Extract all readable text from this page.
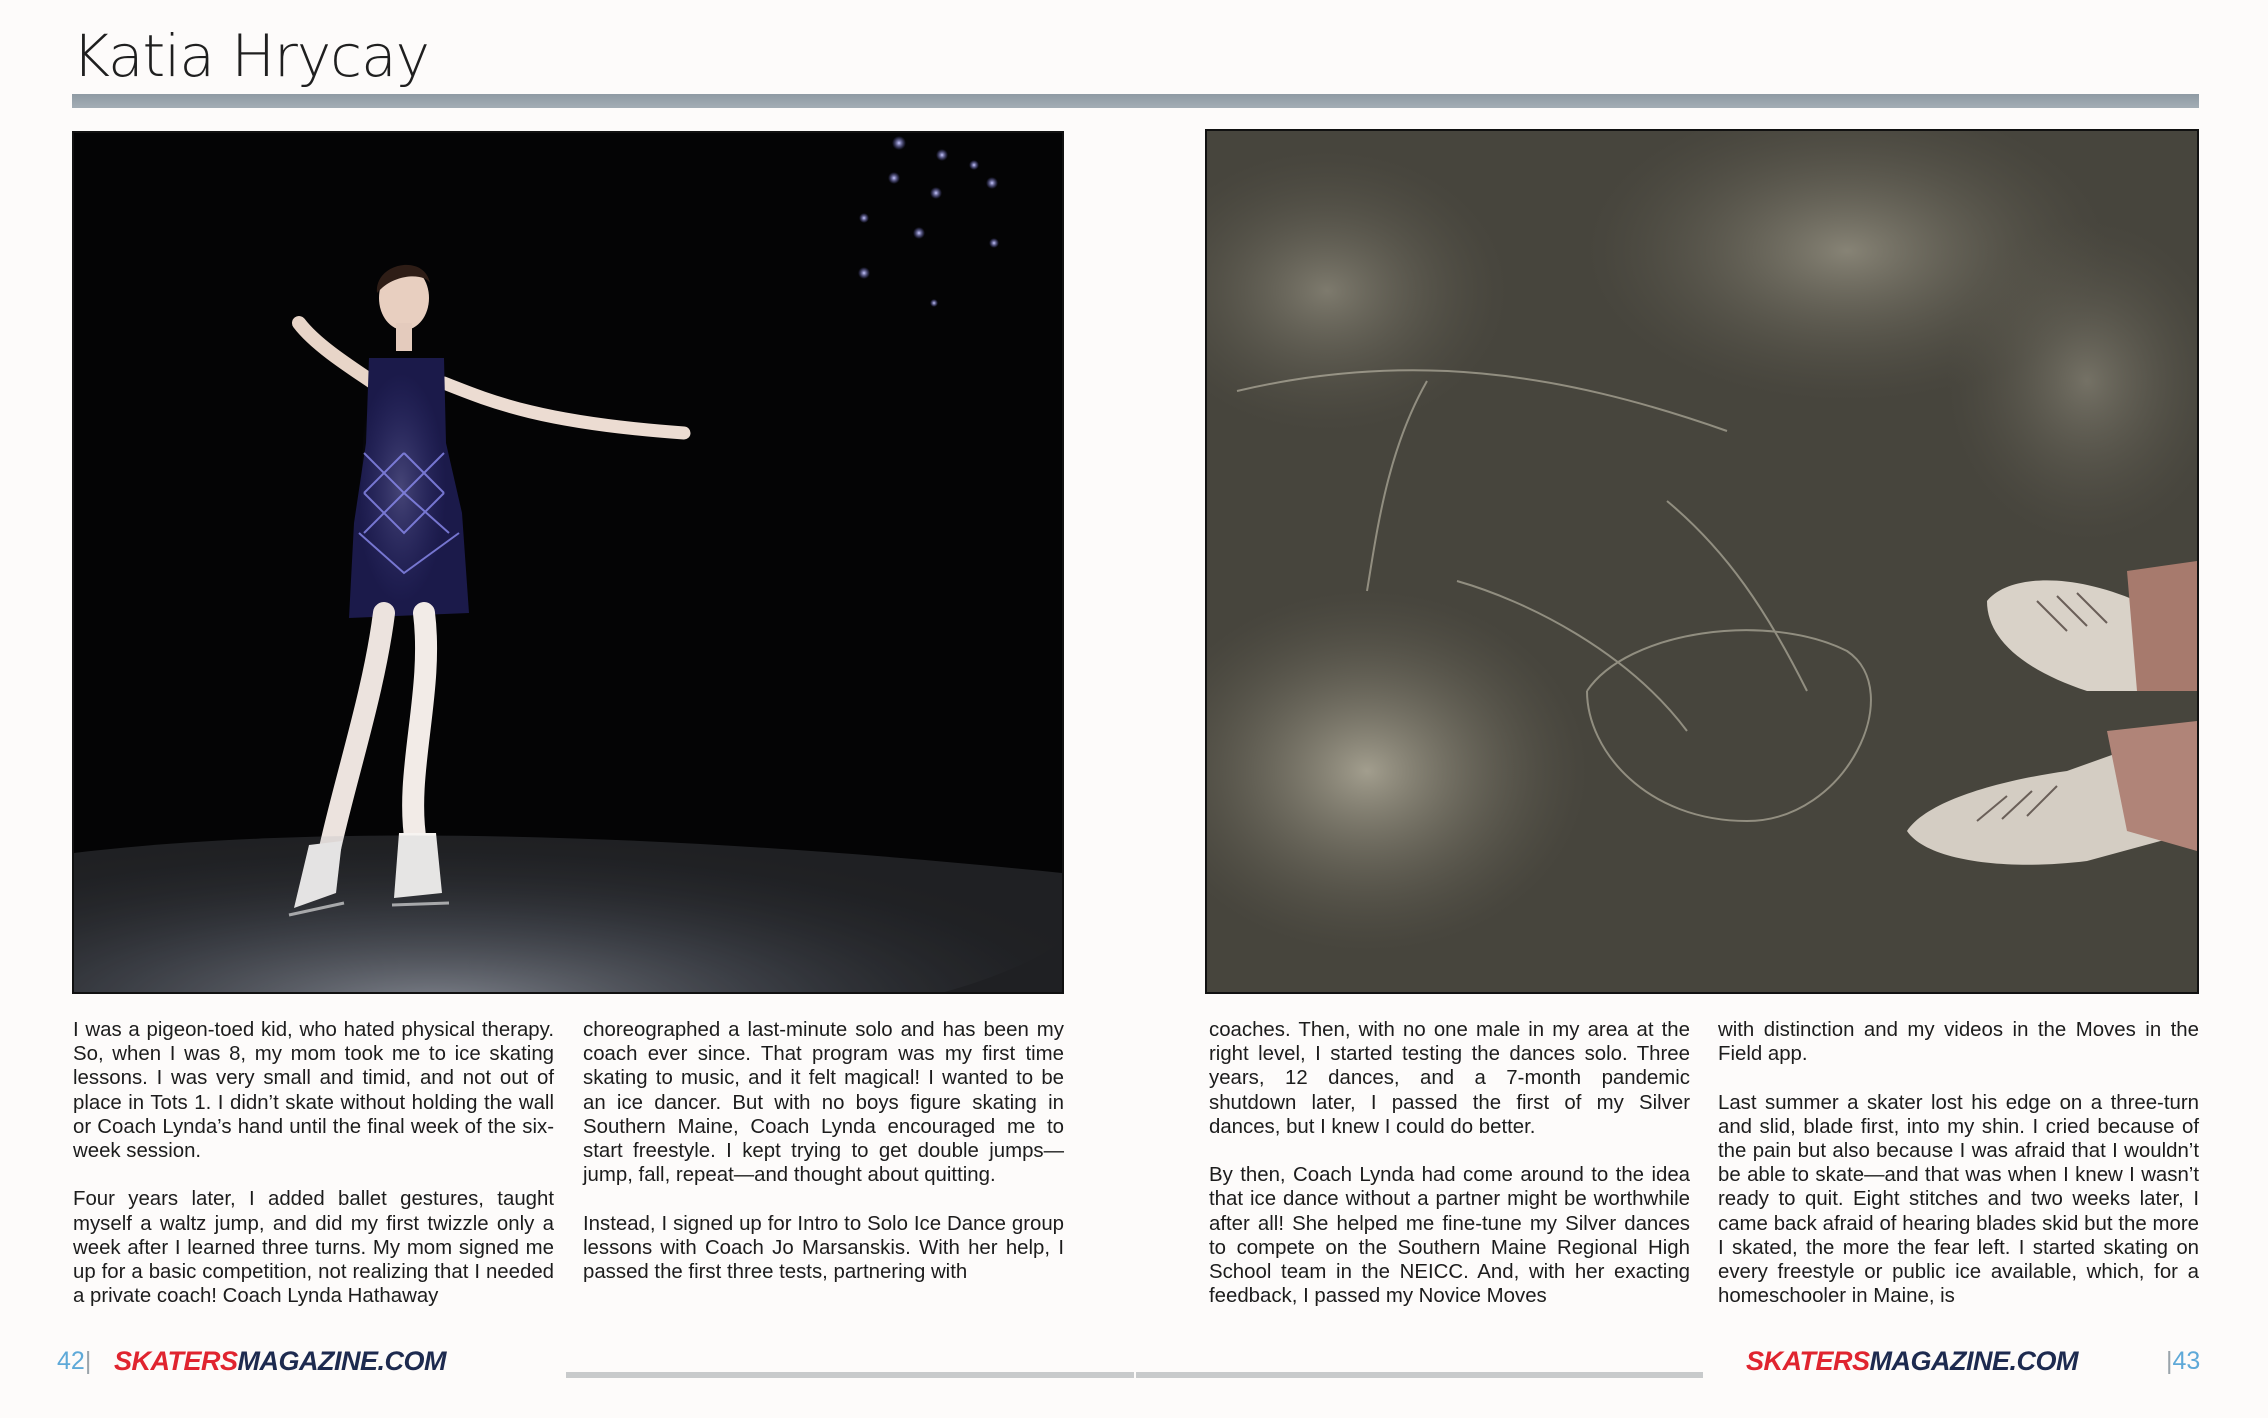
Katia Hrycay

I was a pigeon-toed kid, who hated physical therapy. So, when I was 8, my mom took me to ice skating lessons. I was very small and timid, and not out of place in Tots 1. I didn’t skate without holding the wall or Coach Lynda’s hand until the final week of the six-week session.

Four years later, I added ballet gestures, taught myself a waltz jump, and did my first twizzle only a week after I learned three turns. My mom signed me up for a basic competition, not realizing that I needed a private coach! Coach Lynda Hathaway

choreographed a last-minute solo and has been my coach ever since. That program was my first time skating to music, and it felt magical! I wanted to be an ice dancer. But with no boys figure skating in Southern Maine, Coach Lynda encouraged me to start freestyle. I kept trying to get double jumps—jump, fall, repeat—and thought about quitting.

Instead, I signed up for Intro to Solo Ice Dance group lessons with Coach Jo Marsanskis. With her help, I passed the first three tests, partnering with

coaches. Then, with no one male in my area at the right level, I started testing the dances solo. Three years, 12 dances, and a 7-month pandemic shutdown later, I passed the first of my Silver dances, but I knew I could do better.

By then, Coach Lynda had come around to the idea that ice dance without a partner might be worthwhile after all! She helped me fine-tune my Silver dances to compete on the Southern Maine Regional High School team in the NEICC. And, with her exacting feedback, I passed my Novice Moves

with distinction and my videos in the Moves in the Field app.

Last summer a skater lost his edge on a three-turn and slid, blade first, into my shin. I cried because of the pain but also because I was afraid that I wouldn’t be able to skate—and that was when I knew I wasn’t ready to quit. Eight stitches and two weeks later, I came back afraid of hearing blades skid but the more I skated, the more the fear left. I started skating on every freestyle or public ice available, which, for a homeschooler in Maine, is

42| SKATERSMAGAZINE.COM	SKATERSMAGAZINE.COM	|43
